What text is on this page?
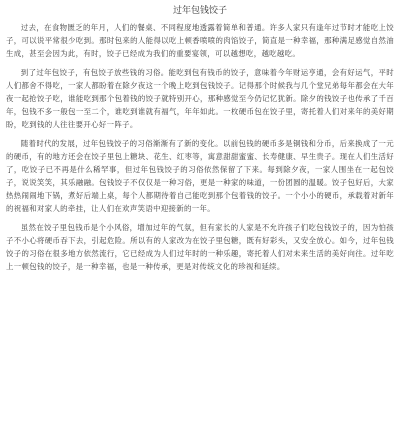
过年包钱饺子

过去，在食物匮乏的年月，人们的餐桌、不同程度地透露着简单和普通。许多人家只有逢年过节时才能吃上饺子，可以说平常很少吃到。那时包来的人能得以吃上顿香喷喷的肉馅饺子，简直是一种幸福，那种满足感觉自然油生成，甚至会因为此，有时，饺子已经成为我们的重要宴领，可以越想吃，越吃越吃。

到了过年包饺子，有包饺子放些钱的习俗。能吃到包有钱币的饺子，意味着今年财运亨通，会有好运气，平时人们都舍不得吃，一家人都盼着在除夕夜这一个晚上吃到包钱饺子。记得那个时候我与几个堂兄弟每年都会在大年夜一起抢饺子吃，谁能吃到那个包着钱的饺子就特别开心，那种感觉至今仍记忆犹新。除夕的钱饺子也传承了千百年，包钱不多一般包一至二个，谁吃到谁就有福气，年年如此。一枚硬币包在饺子里，寄托着人们对来年的美好期盼，吃到钱的人往往要开心好一阵子。

随着时代的发展，过年包钱饺子的习俗渐渐有了新的变化。以前包钱的硬币多是铜钱和分币，后来换成了一元的硬币，有的地方还会在饺子里包上糖块、花生、红枣等，寓意甜甜蜜蜜、长寿健康、早生贵子。现在人们生活好了，吃饺子已不再是什么稀罕事，但过年包钱饺子的习俗依然保留了下来。每到除夕夜，一家人围坐在一起包饺子，说说笑笑，其乐融融。包钱饺子不仅仅是一种习俗，更是一种家的味道，一份团圆的温暖。饺子包好后，大家热热闹闹地下锅，煮好后端上桌，每个人都期待着自己能吃到那个包着钱的饺子。一个小小的硬币，承载着对新年的祝福和对家人的牵挂，让人们在欢声笑语中迎接新的一年。

虽然在饺子里包钱币是个小风俗，增加过年的气氛，但有家长的人家是不允许孩子们吃包钱饺子的，因为怕孩子不小心将硬币吞下去，引起危险。所以有的人家改为在饺子里包糖，既有好彩头，又安全放心。如今，过年包钱饺子的习俗在很多地方依然流行，它已经成为人们过年时的一种乐趣，寄托着人们对未来生活的美好向往。过年吃上一顿包钱的饺子，是一种幸福，也是一种传承，更是对传统文化的珍视和延续。
